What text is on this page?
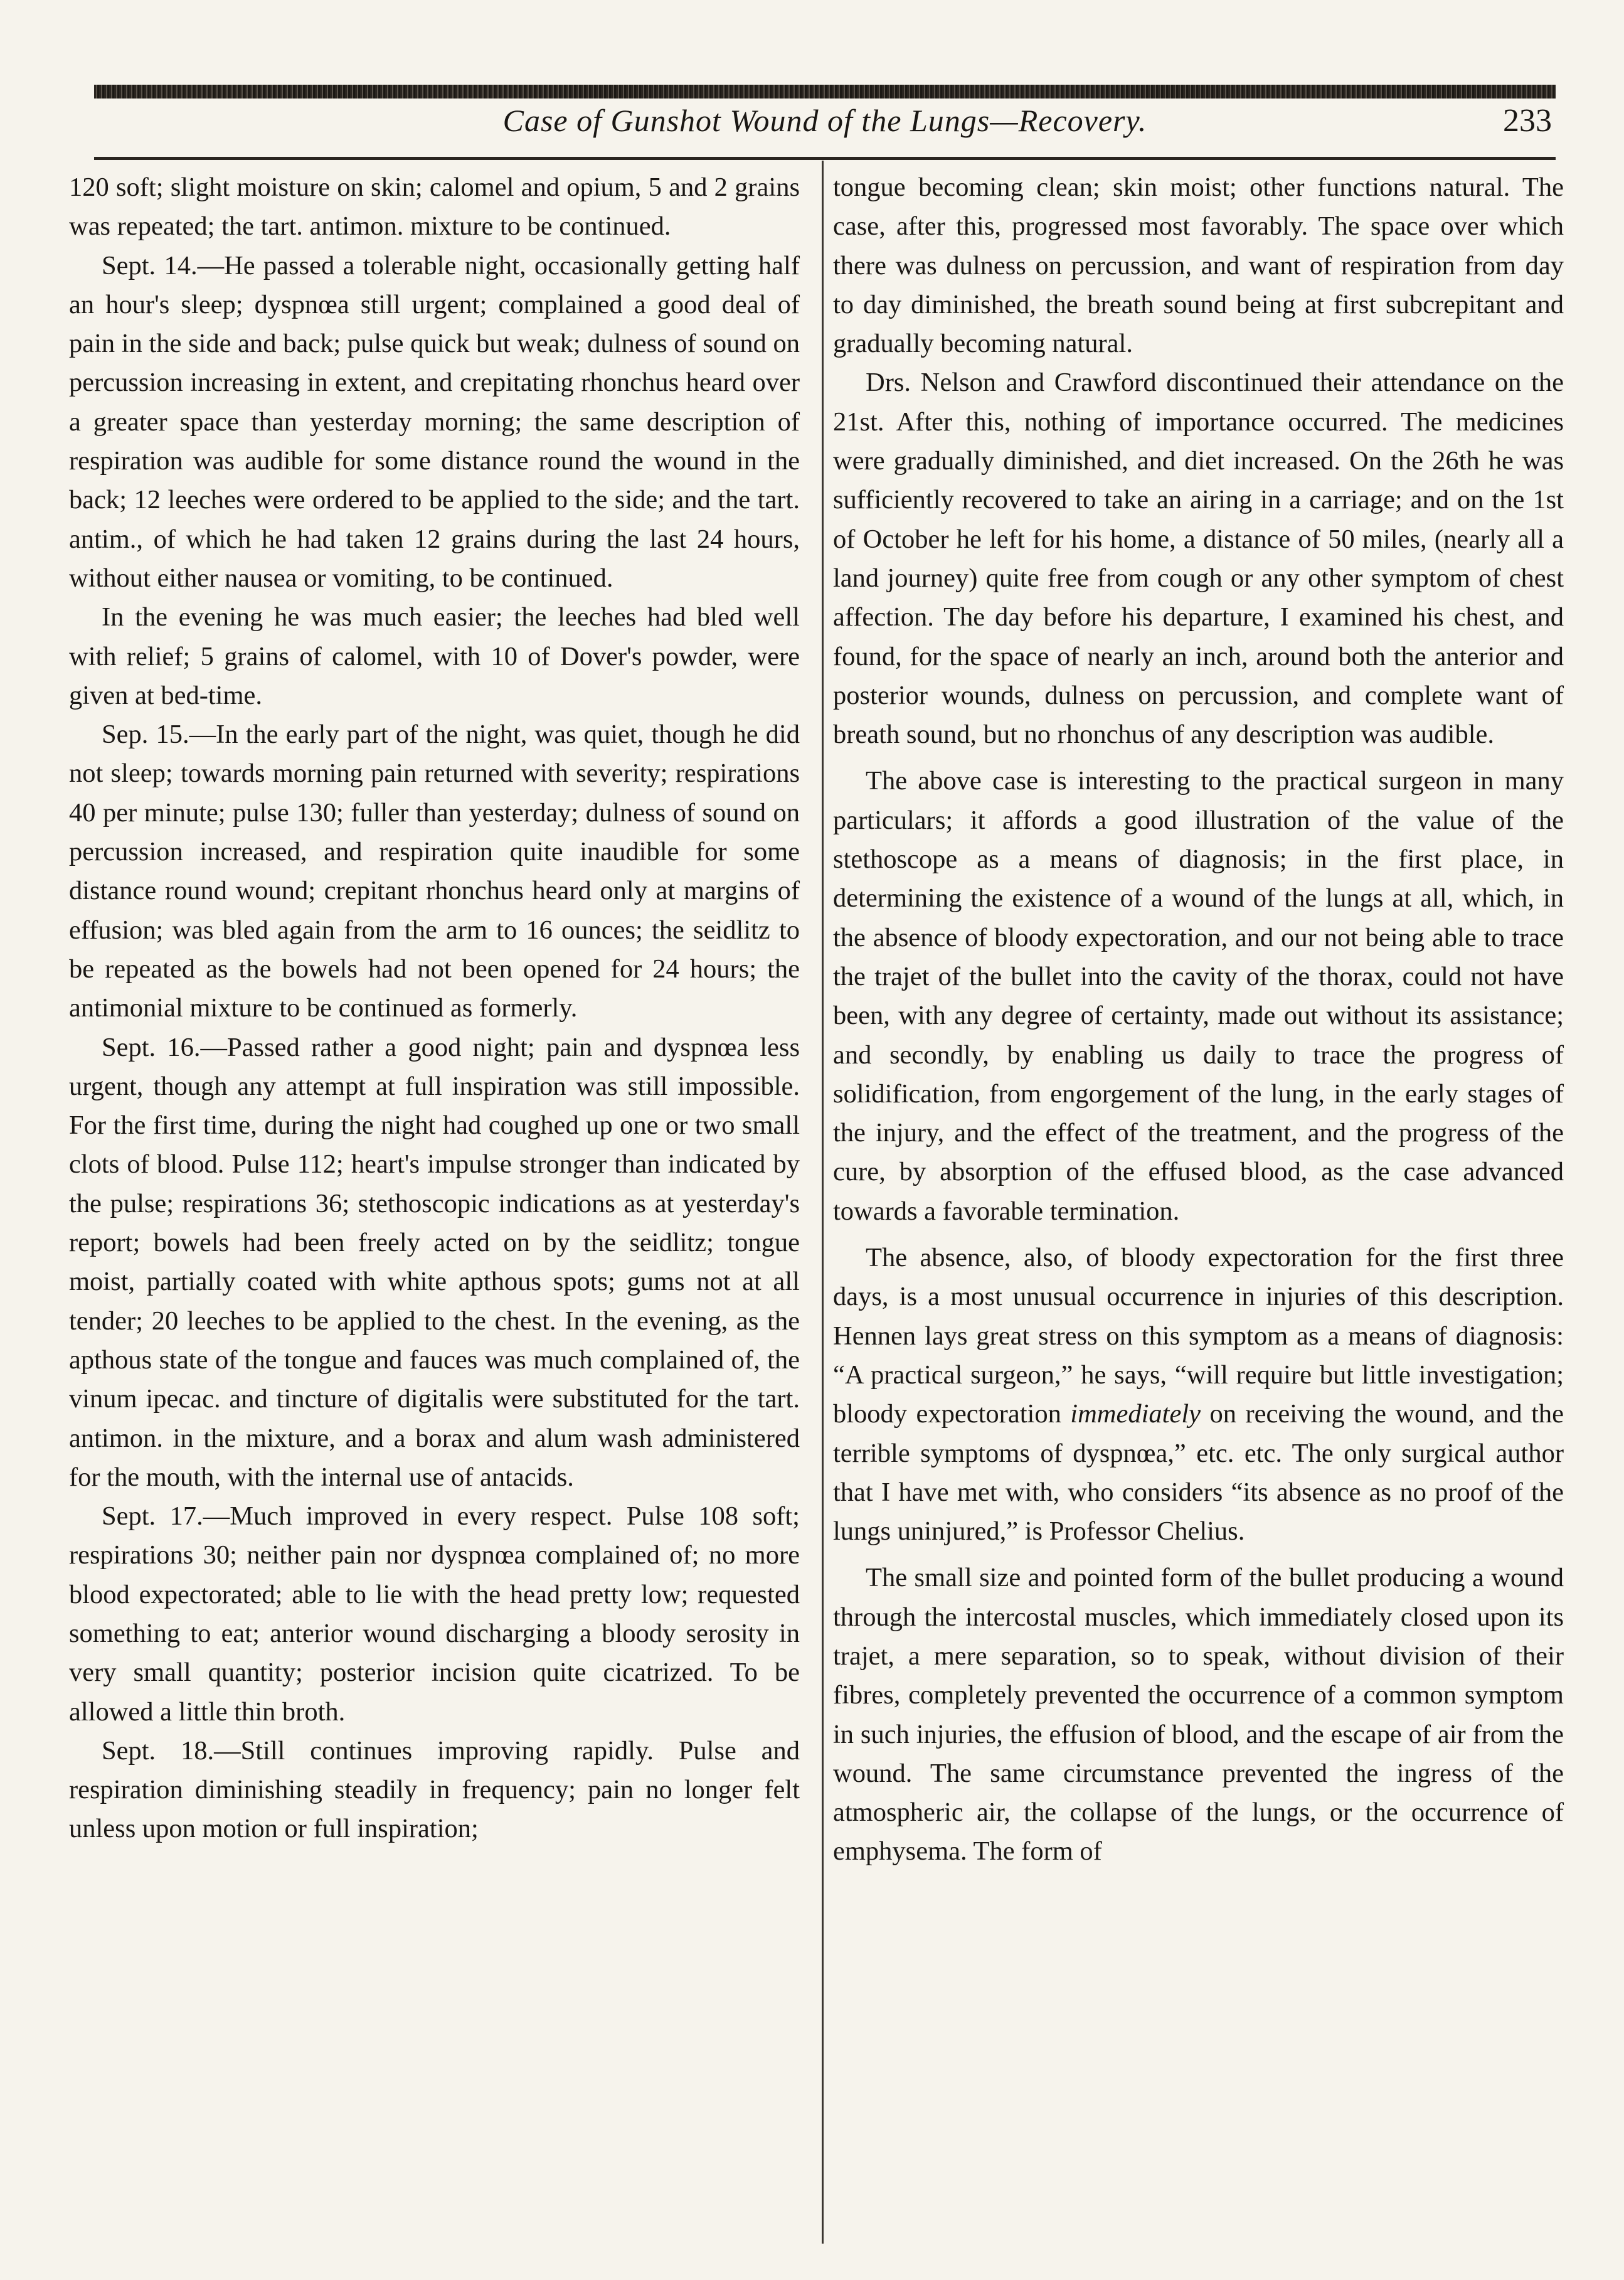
Case of Gunshot Wound of the Lungs—Recovery.	233

120 soft; slight moisture on skin; calomel and opium, 5 and 2 grains was repeated; the tart. antimon. mixture to be continued.

Sept. 14.—He passed a tolerable night, occasionally getting half an hour's sleep; dyspnœa still urgent; complained a good deal of pain in the side and back; pulse quick but weak; dulness of sound on percussion increasing in extent, and crepitating rhonchus heard over a greater space than yesterday morning; the same description of respiration was audible for some distance round the wound in the back; 12 leeches were ordered to be applied to the side; and the tart. antim., of which he had taken 12 grains during the last 24 hours, without either nausea or vomiting, to be continued.

In the evening he was much easier; the leeches had bled well with relief; 5 grains of calomel, with 10 of Dover's powder, were given at bed-time.

Sep. 15.—In the early part of the night, was quiet, though he did not sleep; towards morning pain returned with severity; respirations 40 per minute; pulse 130; fuller than yesterday; dulness of sound on percussion increased, and respiration quite inaudible for some distance round wound; crepitant rhonchus heard only at margins of effusion; was bled again from the arm to 16 ounces; the seidlitz to be repeated as the bowels had not been opened for 24 hours; the antimonial mixture to be continued as formerly.

Sept. 16.—Passed rather a good night; pain and dyspnœa less urgent, though any attempt at full inspiration was still impossible. For the first time, during the night had coughed up one or two small clots of blood. Pulse 112; heart's impulse stronger than indicated by the pulse; respirations 36; stethoscopic indications as at yesterday's report; bowels had been freely acted on by the seidlitz; tongue moist, partially coated with white apthous spots; gums not at all tender; 20 leeches to be applied to the chest. In the evening, as the apthous state of the tongue and fauces was much complained of, the vinum ipecac. and tincture of digitalis were substituted for the tart. antimon. in the mixture, and a borax and alum wash administered for the mouth, with the internal use of antacids.

Sept. 17.—Much improved in every respect. Pulse 108 soft; respirations 30; neither pain nor dyspnœa complained of; no more blood expectorated; able to lie with the head pretty low; requested something to eat; anterior wound discharging a bloody serosity in very small quantity; posterior incision quite cicatrized. To be allowed a little thin broth.

Sept. 18.—Still continues improving rapidly. Pulse and respiration diminishing steadily in frequency; pain no longer felt unless upon motion or full inspiration;

tongue becoming clean; skin moist; other functions natural. The case, after this, progressed most favorably. The space over which there was dulness on percussion, and want of respiration from day to day diminished, the breath sound being at first subcrepitant and gradually becoming natural.

Drs. Nelson and Crawford discontinued their attendance on the 21st. After this, nothing of importance occurred. The medicines were gradually diminished, and diet increased. On the 26th he was sufficiently recovered to take an airing in a carriage; and on the 1st of October he left for his home, a distance of 50 miles, (nearly all a land journey) quite free from cough or any other symptom of chest affection. The day before his departure, I examined his chest, and found, for the space of nearly an inch, around both the anterior and posterior wounds, dulness on percussion, and complete want of breath sound, but no rhonchus of any description was audible.

The above case is interesting to the practical surgeon in many particulars; it affords a good illustration of the value of the stethoscope as a means of diagnosis; in the first place, in determining the existence of a wound of the lungs at all, which, in the absence of bloody expectoration, and our not being able to trace the trajet of the bullet into the cavity of the thorax, could not have been, with any degree of certainty, made out without its assistance; and secondly, by enabling us daily to trace the progress of solidification, from engorgement of the lung, in the early stages of the injury, and the effect of the treatment, and the progress of the cure, by absorption of the effused blood, as the case advanced towards a favorable termination.

The absence, also, of bloody expectoration for the first three days, is a most unusual occurrence in injuries of this description. Hennen lays great stress on this symptom as a means of diagnosis: “A practical surgeon,” he says, “will require but little investigation; bloody expectoration immediately on receiving the wound, and the terrible symptoms of dyspnœa,” etc. etc. The only surgical author that I have met with, who considers “its absence as no proof of the lungs uninjured,” is Professor Chelius.

The small size and pointed form of the bullet producing a wound through the intercostal muscles, which immediately closed upon its trajet, a mere separation, so to speak, without division of their fibres, completely prevented the occurrence of a common symptom in such injuries, the effusion of blood, and the escape of air from the wound. The same circumstance prevented the ingress of the atmospheric air, the collapse of the lungs, or the occurrence of emphysema. The form of
